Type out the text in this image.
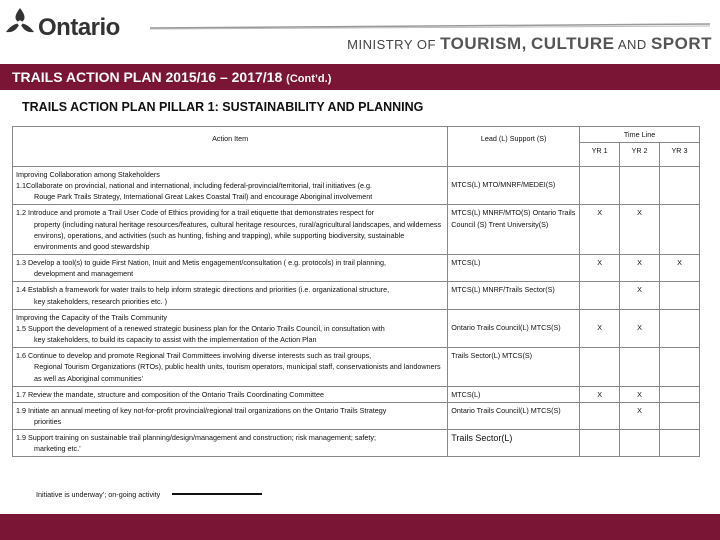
Ontario
MINISTRY OF TOURISM, CULTURE AND SPORT
TRAILS ACTION PLAN 2015/16 – 2017/18 (Cont’d.)
TRAILS ACTION PLAN PILLAR 1: SUSTAINABILITY AND PLANNING
Action Item	Lead (L) Support (S)	Time Line		
		YR 1	YR 2	YR 3

Improving Collaboration among Stakeholders
1.1Collaborate on provincial, national and international, including federal-provincial/territorial, trail initiatives (e.g.
Rouge Park Trails Strategy, International Great Lakes Coastal Trail) and encourage Aboriginal involvement	MTCS(L) MTO/MNRF/MEDEI(S)			

1.2 Introduce and promote a Trail User Code of Ethics providing for a trail etiquette that demonstrates respect for
property (including natural heritage resources/features, cultural heritage resources, rural/agricultural landscapes, and wilderness environs), operations, and activities (such as hunting, fishing and trapping), while supporting biodiversity, sustainable environments and good stewardship	MTCS(L) MNRF/MTO(S) Ontario Trails Council (S) Trent University(S)	X	X	

1.3 Develop a tool(s) to guide First Nation, Inuit and Metis engagement/consultation ( e.g. protocols) in trail planning,
development and management	MTCS(L)	X	X	X

1.4 Establish a framework for water trails to help inform strategic directions and priorities (i.e. organizational structure,
key stakeholders, research priorities etc. )	MTCS(L) MNRF/Trails Sector(S)		X	

Improving the Capacity of the Trails Community
1.5 Support the development of a renewed strategic business plan for the Ontario Trails Council, in consultation with
key stakeholders, to build its capacity to assist with the implementation of the Action Plan	Ontario Trails Council(L) MTCS(S)	X	X	

1.6 Continue to develop and promote Regional Trail Committees involving diverse interests such as trail groups,
Regional Tourism Organizations (RTOs), public health units, tourism operators, municipal staff, conservationists and landowners as well as Aboriginal communities’	Trails Sector(L) MTCS(S)			

1.7 Review the mandate, structure and composition of the Ontario Trails Coordinating Committee	MTCS(L)	X	X	

1.9 Initiate an annual meeting of key not-for-profit provincial/regional trail organizations on the Ontario Trails Strategy
priorities	Ontario Trails Council(L) MTCS(S)		X	

1.9 Support training on sustainable trail planning/design/management and construction; risk management; safety;
marketing etc.’	Trails Sector(L)			
Initiative is underway’; on-going activity
